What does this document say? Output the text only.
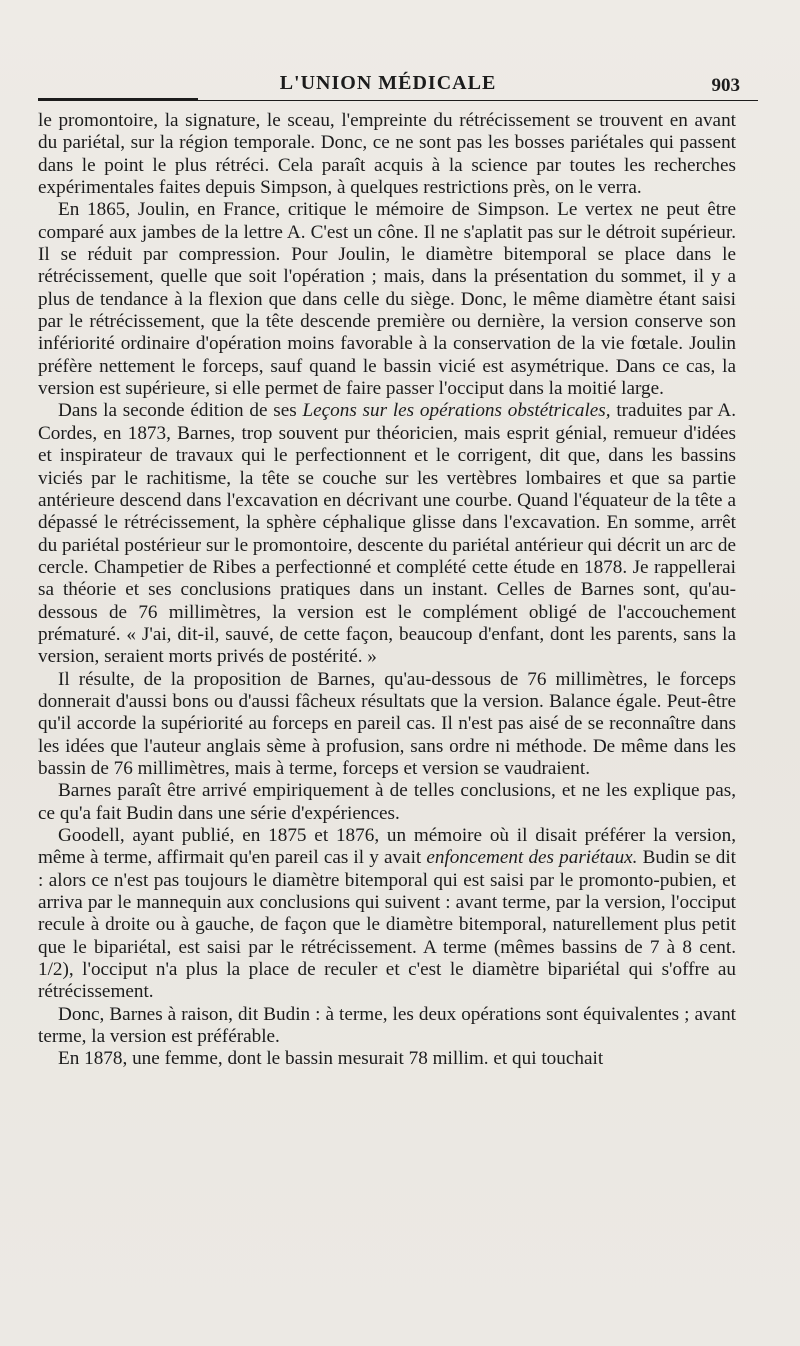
L'UNION MÉDICALE	903

le promontoire, la signature, le sceau, l'empreinte du rétrécissement se trouvent en avant du pariétal, sur la région temporale. Donc, ce ne sont pas les bosses pariétales qui passent dans le point le plus rétréci. Cela paraît acquis à la science par toutes les recherches expérimentales faites depuis Simpson, à quelques restrictions près, on le verra.

En 1865, Joulin, en France, critique le mémoire de Simpson. Le vertex ne peut être comparé aux jambes de la lettre A. C'est un cône. Il ne s'aplatit pas sur le détroit supérieur. Il se réduit par compression. Pour Joulin, le diamètre bitemporal se place dans le rétrécissement, quelle que soit l'opération ; mais, dans la présentation du sommet, il y a plus de tendance à la flexion que dans celle du siège. Donc, le même diamètre étant saisi par le rétrécissement, que la tête descende première ou dernière, la version conserve son infériorité ordinaire d'opération moins favorable à la conservation de la vie fœtale. Joulin préfère nettement le forceps, sauf quand le bassin vicié est asymétrique. Dans ce cas, la version est supérieure, si elle permet de faire passer l'occiput dans la moitié large.

Dans la seconde édition de ses Leçons sur les opérations obstétricales, traduites par A. Cordes, en 1873, Barnes, trop souvent pur théoricien, mais esprit génial, remueur d'idées et inspirateur de travaux qui le perfectionnent et le corrigent, dit que, dans les bassins viciés par le rachitisme, la tête se couche sur les vertèbres lombaires et que sa partie antérieure descend dans l'excavation en décrivant une courbe. Quand l'équateur de la tête a dépassé le rétrécissement, la sphère céphalique glisse dans l'excavation. En somme, arrêt du pariétal postérieur sur le promontoire, descente du pariétal antérieur qui décrit un arc de cercle. Champetier de Ribes a perfectionné et complété cette étude en 1878. Je rappellerai sa théorie et ses conclusions pratiques dans un instant. Celles de Barnes sont, qu'au-dessous de 76 millimètres, la version est le complément obligé de l'accouchement prématuré. « J'ai, dit-il, sauvé, de cette façon, beaucoup d'enfant, dont les parents, sans la version, seraient morts privés de postérité. »

Il résulte, de la proposition de Barnes, qu'au-dessous de 76 millimètres, le forceps donnerait d'aussi bons ou d'aussi fâcheux résultats que la version. Balance égale. Peut-être qu'il accorde la supériorité au forceps en pareil cas. Il n'est pas aisé de se reconnaître dans les idées que l'auteur anglais sème à profusion, sans ordre ni méthode. De même dans les bassin de 76 millimètres, mais à terme, forceps et version se vaudraient.

Barnes paraît être arrivé empiriquement à de telles conclusions, et ne les explique pas, ce qu'a fait Budin dans une série d'expériences.

Goodell, ayant publié, en 1875 et 1876, un mémoire où il disait préférer la version, même à terme, affirmait qu'en pareil cas il y avait enfoncement des pariétaux. Budin se dit : alors ce n'est pas toujours le diamètre bitemporal qui est saisi par le promonto-pubien, et arriva par le mannequin aux conclusions qui suivent : avant terme, par la version, l'occiput recule à droite ou à gauche, de façon que le diamètre bitemporal, naturellement plus petit que le bipariétal, est saisi par le rétrécissement. A terme (mêmes bassins de 7 à 8 cent. 1/2), l'occiput n'a plus la place de reculer et c'est le diamètre bipariétal qui s'offre au rétrécissement.

Donc, Barnes à raison, dit Budin : à terme, les deux opérations sont équivalentes ; avant terme, la version est préférable.

En 1878, une femme, dont le bassin mesurait 78 millim. et qui touchait
